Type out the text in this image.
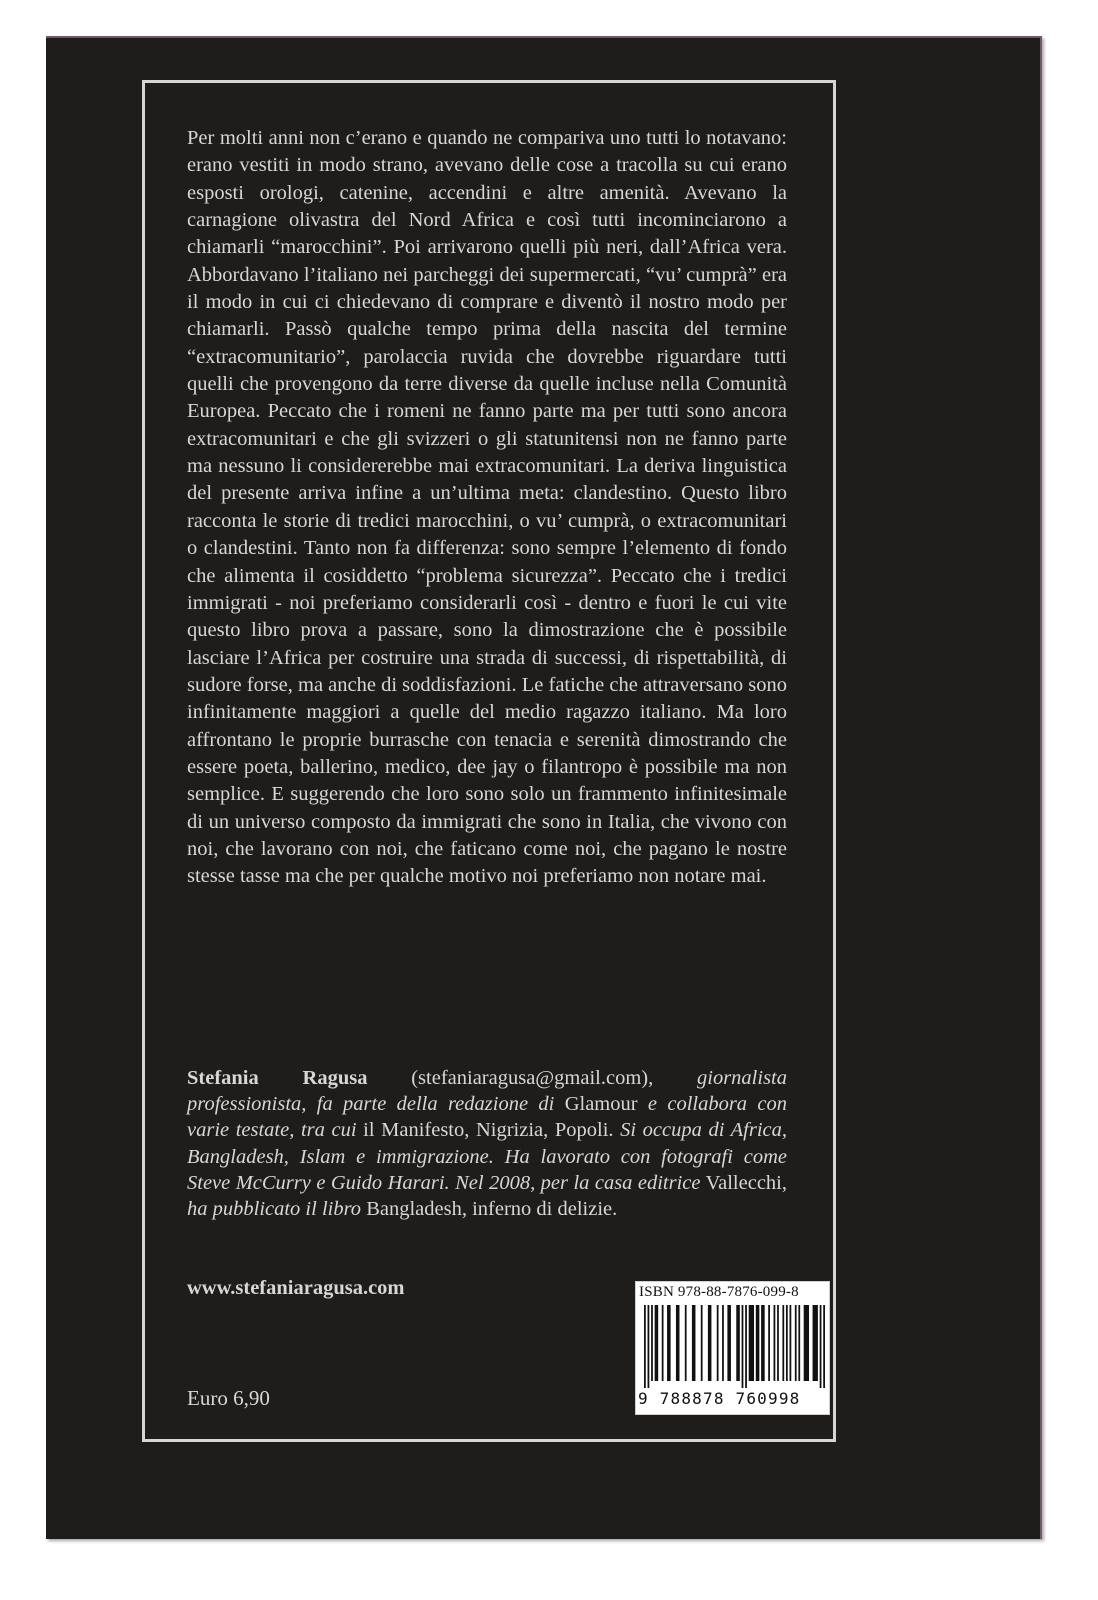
Per molti anni non c’erano e quando ne compariva uno tutti lo notavano: erano vestiti in modo strano, avevano delle cose a tracolla su cui erano esposti orologi, catenine, accendini e altre amenità. Avevano la carnagione olivastra del Nord Africa e così tutti incominciarono a chiamarli “marocchini”. Poi arrivarono quelli più neri, dall’Africa vera. Abbordavano l’italiano nei parcheggi dei supermercati, “vu’ cumprà” era il modo in cui ci chiedevano di comprare e diventò il nostro modo per chiamarli. Passò qualche tempo prima della nascita del termine “extracomunitario”, parolaccia ruvida che dovrebbe riguardare tutti quelli che provengono da terre diverse da quelle incluse nella Comunità Europea. Peccato che i romeni ne fanno parte ma per tutti sono ancora extracomunitari e che gli svizzeri o gli statunitensi non ne fanno parte ma nessuno li considererebbe mai extracomunitari. La deriva linguistica del presente arriva infine a un’ultima meta: clandestino. Questo libro racconta le storie di tredici marocchini, o vu’ cumprà, o extracomunitari o clandestini. Tanto non fa differenza: sono sempre l’elemento di fondo che alimenta il cosiddetto “problema sicurezza”. Peccato che i tredici immigrati - noi preferiamo considerarli così - dentro e fuori le cui vite questo libro prova a passare, sono la dimostrazione che è possibile lasciare l’Africa per costruire una strada di successi, di rispettabilità, di sudore forse, ma anche di soddisfazioni. Le fatiche che attraversano sono infinitamente maggiori a quelle del medio ragazzo italiano. Ma loro affrontano le proprie burrasche con tenacia e serenità dimostrando che essere poeta, ballerino, medico, dee jay o filantropo è possibile ma non semplice. E suggerendo che loro sono solo un frammento infinitesimale di un universo composto da immigrati che sono in Italia, che vivono con noi, che lavorano con noi, che faticano come noi, che pagano le nostre stesse tasse ma che per qualche motivo noi preferiamo non notare mai.

Stefania Ragusa (stefaniaragusa@gmail.com), giornalista professionista, fa parte della redazione di Glamour e collabora con varie testate, tra cui il Manifesto, Nigrizia, Popoli. Si occupa di Africa, Bangladesh, Islam e immigrazione. Ha lavorato con fotografi come Steve McCurry e Guido Harari. Nel 2008, per la casa editrice Vallecchi, ha pubblicato il libro Bangladesh, inferno di delizie.

www.stefaniaragusa.com

Euro 6,90

ISBN 978-88-7876-099-8
9 788878 760998
